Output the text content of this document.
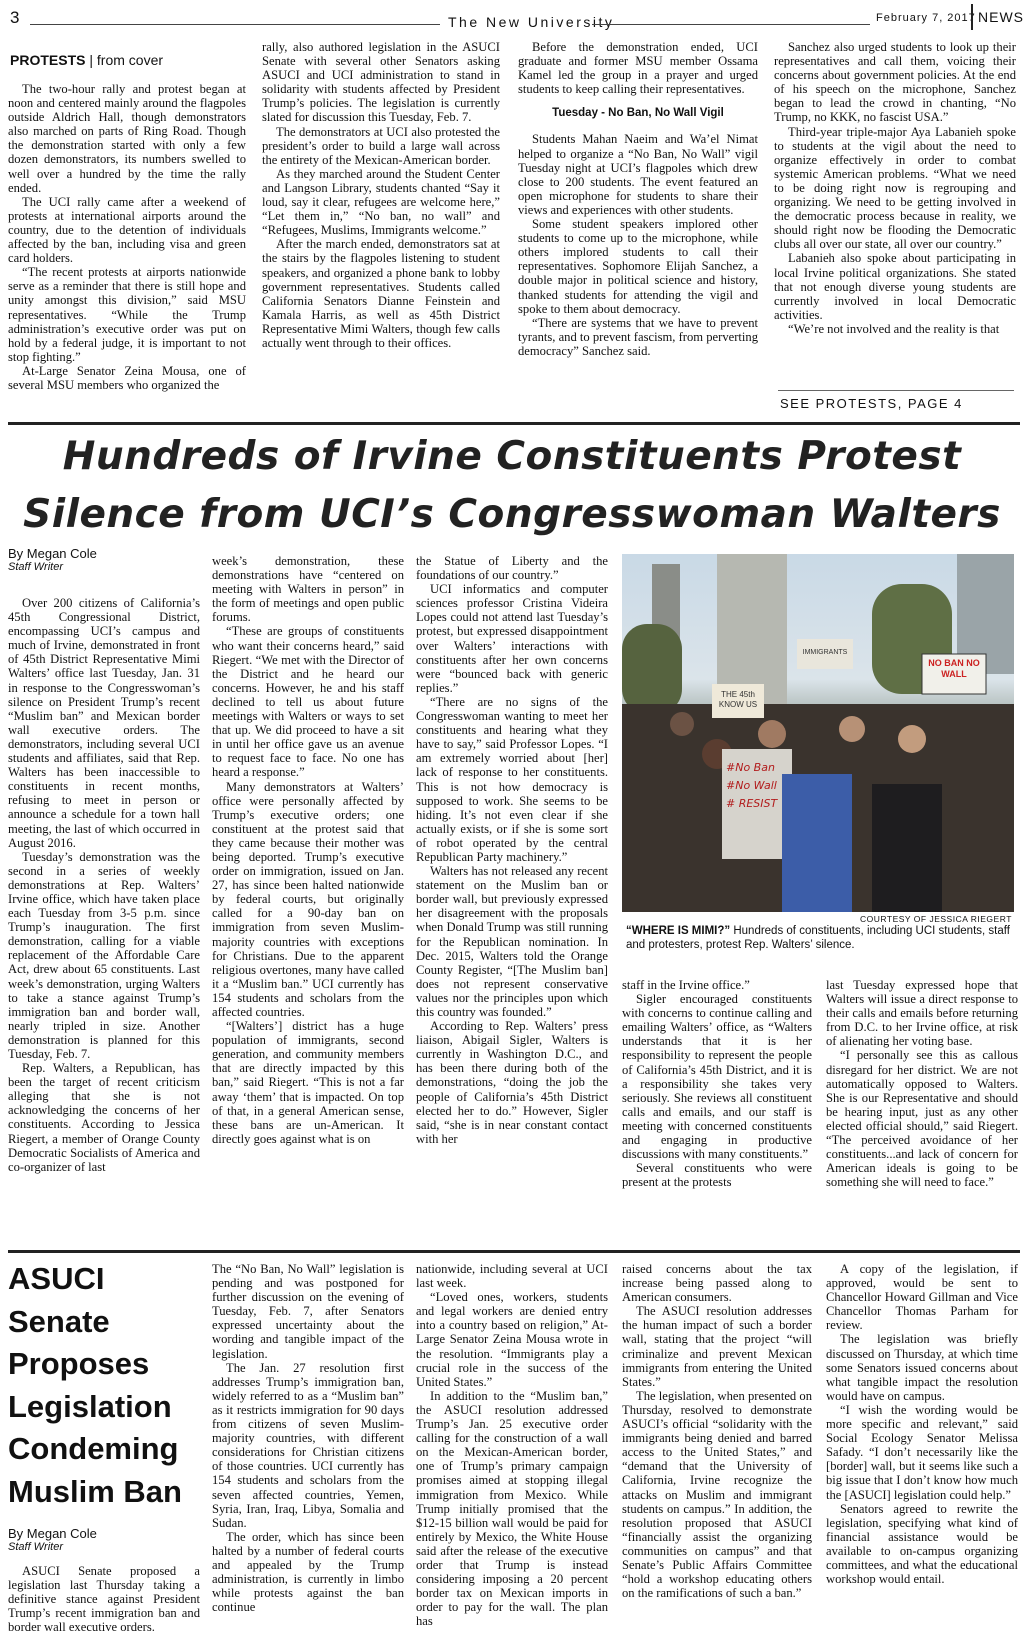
3	The New University	February 7, 2017 NEWS
PROTESTS | from cover

The two-hour rally and protest began at noon and centered mainly around the flagpoles outside Aldrich Hall, though demonstrators also marched on parts of Ring Road. Though the demonstration started with only a few dozen demonstrators, its numbers swelled to well over a hundred by the time the rally ended.

The UCI rally came after a weekend of protests at international airports around the country, due to the detention of individuals affected by the ban, including visa and green card holders.

“The recent protests at airports nationwide serve as a reminder that there is still hope and unity amongst this division,” said MSU representatives. “While the Trump administration’s executive order was put on hold by a federal judge, it is important to not stop fighting.”

At-Large Senator Zeina Mousa, one of several MSU members who organized the

rally, also authored legislation in the ASUCI Senate with several other Senators asking ASUCI and UCI administration to stand in solidarity with students affected by President Trump’s policies. The legislation is currently slated for discussion this Tuesday, Feb. 7.

The demonstrators at UCI also protested the president’s order to build a large wall across the entirety of the Mexican-American border.

As they marched around the Student Center and Langson Library, students chanted “Say it loud, say it clear, refugees are welcome here,” “Let them in,” “No ban, no wall” and “Refugees, Muslims, Immigrants welcome.”

After the march ended, demonstrators sat at the stairs by the flagpoles listening to student speakers, and organized a phone bank to lobby government representatives. Students called California Senators Dianne Feinstein and Kamala Harris, as well as 45th District Representative Mimi Walters, though few calls actually went through to their offices.

Before the demonstration ended, UCI graduate and former MSU member Ossama Kamel led the group in a prayer and urged students to keep calling their representatives.

Tuesday - No Ban, No Wall Vigil

Students Mahan Naeim and Wa’el Nimat helped to organize a “No Ban, No Wall” vigil Tuesday night at UCI’s flagpoles which drew close to 200 students. The event featured an open microphone for students to share their views and experiences with other students.

Some student speakers implored other students to come up to the microphone, while others implored students to call their representatives. Sophomore Elijah Sanchez, a double major in political science and history, thanked students for attending the vigil and spoke to them about democracy.

“There are systems that we have to prevent tyrants, and to prevent fascism, from perverting democracy” Sanchez said.

Sanchez also urged students to look up their representatives and call them, voicing their concerns about government policies. At the end of his speech on the microphone, Sanchez began to lead the crowd in chanting, “No Trump, no KKK, no fascist USA.”

Third-year triple-major Aya Labanieh spoke to students at the vigil about the need to organize effectively in order to combat systemic American problems. “What we need to be doing right now is regrouping and organizing. We need to be getting involved in the democratic process because in reality, we should right now be flooding the Democratic clubs all over our state, all over our country.”

Labanieh also spoke about participating in local Irvine political organizations. She stated that not enough diverse young students are currently involved in local Democratic activities.

“We’re not involved and the reality is that

SEE PROTESTS, PAGE 4
Hundreds of Irvine Constituents Protest
Silence from UCI’s Congresswoman Walters
By Megan Cole
Staff Writer

Over 200 citizens of California’s 45th Congressional District, encompassing UCI’s campus and much of Irvine, demonstrated in front of 45th District Representative Mimi Walters’ office last Tuesday, Jan. 31 in response to the Congresswoman’s silence on President Trump’s recent “Muslim ban” and Mexican border wall executive orders. The demonstrators, including several UCI students and affiliates, said that Rep. Walters has been inaccessible to constituents in recent months, refusing to meet in person or announce a schedule for a town hall meeting, the last of which occurred in August 2016.

Tuesday’s demonstration was the second in a series of weekly demonstrations at Rep. Walters’ Irvine office, which have taken place each Tuesday from 3-5 p.m. since Trump’s inauguration. The first demonstration, calling for a viable replacement of the Affordable Care Act, drew about 65 constituents. Last week’s demonstration, urging Walters to take a stance against Trump’s immigration ban and border wall, nearly tripled in size. Another demonstration is planned for this Tuesday, Feb. 7.

Rep. Walters, a Republican, has been the target of recent criticism alleging that she is not acknowledging the concerns of her constituents. According to Jessica Riegert, a member of Orange County Democratic Socialists of America and co-organizer of last

week’s demonstration, these demonstrations have “centered on meeting with Walters in person” in the form of meetings and open public forums.

“These are groups of constituents who want their concerns heard,” said Riegert. “We met with the Director of the District and he heard our concerns. However, he and his staff declined to tell us about future meetings with Walters or ways to set that up. We did proceed to have a sit in until her office gave us an avenue to request face to face. No one has heard a response.”

Many demonstrators at Walters’ office were personally affected by Trump’s executive orders; one constituent at the protest said that they came because their mother was being deported. Trump’s executive order on immigration, issued on Jan. 27, has since been halted nationwide by federal courts, but originally called for a 90-day ban on immigration from seven Muslim-majority countries with exceptions for Christians. Due to the apparent religious overtones, many have called it a “Muslim ban.” UCI currently has 154 students and scholars from the affected countries.

“[Walters’] district has a huge population of immigrants, second generation, and community members that are directly impacted by this ban,” said Riegert. “This is not a far away ‘them’ that is impacted. On top of that, in a general American sense, these bans are un-American. It directly goes against what is on

the Statue of Liberty and the foundations of our country.”

UCI informatics and computer sciences professor Cristina Videira Lopes could not attend last Tuesday’s protest, but expressed disappointment over Walters’ interactions with constituents after her own concerns were “bounced back with generic replies.”

“There are no signs of the Congresswoman wanting to meet her constituents and hearing what they have to say,” said Professor Lopes. “I am extremely worried about [her] lack of response to her constituents. This is not how democracy is supposed to work. She seems to be hiding. It’s not even clear if she actually exists, or if she is some sort of robot operated by the central Republican Party machinery.”

Walters has not released any recent statement on the Muslim ban or border wall, but previously expressed her disagreement with the proposals when Donald Trump was still running for the Republican nomination. In Dec. 2015, Walters told the Orange County Register, “[The Muslim ban] does not represent conservative values nor the principles upon which this country was founded.”

According to Rep. Walters’ press liaison, Abigail Sigler, Walters is currently in Washington D.C., and has been there during both of the demonstrations, “doing the job the people of California’s 45th District elected her to do.” However, Sigler said, “she is in near constant contact with her

NO BAN NO WALL
THE 45th KNOW US
IMMIGRANTS
#No Ban
#No Wall
# RESIST
COURTESY OF JESSICA RIEGERT
“WHERE IS MIMI?” Hundreds of constituents, including UCI students, staff and protesters, protest Rep. Walters’ silence.

staff in the Irvine office.”

Sigler encouraged constituents with concerns to continue calling and emailing Walters’ office, as “Walters understands that it is her responsibility to represent the people of California’s 45th District, and it is a responsibility she takes very seriously. She reviews all constituent calls and emails, and our staff is meeting with concerned constituents and engaging in productive discussions with many constituents.”

Several constituents who were present at the protests

last Tuesday expressed hope that Walters will issue a direct response to their calls and emails before returning from D.C. to her Irvine office, at risk of alienating her voting base.

“I personally see this as callous disregard for her district. We are not automatically opposed to Walters. She is our Representative and should be hearing input, just as any other elected official should,” said Riegert. “The perceived avoidance of her constituents...and lack of concern for American ideals is going to be something she will need to face.”

ASUCI
Senate
Proposes
Legislation
Condeming
Muslim Ban
By Megan Cole
Staff Writer

ASUCI Senate proposed a legislation last Thursday taking a definitive stance against President Trump’s recent immigration ban and border wall executive orders.

The “No Ban, No Wall” legislation is pending and was postponed for further discussion on the evening of Tuesday, Feb. 7, after Senators expressed uncertainty about the wording and tangible impact of the legislation.

The Jan. 27 resolution first addresses Trump’s immigration ban, widely referred to as a “Muslim ban” as it restricts immigration for 90 days from citizens of seven Muslim-majority countries, with different considerations for Christian citizens of those countries. UCI currently has 154 students and scholars from the seven affected countries, Yemen, Syria, Iran, Iraq, Libya, Somalia and Sudan.

The order, which has since been halted by a number of federal courts and appealed by the Trump administration, is currently in limbo while protests against the ban continue

nationwide, including several at UCI last week.

“Loved ones, workers, students and legal workers are denied entry into a country based on religion,” At-Large Senator Zeina Mousa wrote in the resolution. “Immigrants play a crucial role in the success of the United States.”

In addition to the “Muslim ban,” the ASUCI resolution addressed Trump’s Jan. 25 executive order calling for the construction of a wall on the Mexican-American border, one of Trump’s primary campaign promises aimed at stopping illegal immigration from Mexico. While Trump initially promised that the $12-15 billion wall would be paid for entirely by Mexico, the White House said after the release of the executive order that Trump is instead considering imposing a 20 percent border tax on Mexican imports in order to pay for the wall. The plan has

raised concerns about the tax increase being passed along to American consumers.

The ASUCI resolution addresses the human impact of such a border wall, stating that the project “will criminalize and prevent Mexican immigrants from entering the United States.”

The legislation, when presented on Thursday, resolved to demonstrate ASUCI’s official “solidarity with the immigrants being denied and barred access to the United States,” and “demand that the University of California, Irvine recognize the attacks on Muslim and immigrant students on campus.” In addition, the resolution proposed that ASUCI “financially assist the organizing communities on campus” and that Senate’s Public Affairs Committee “hold a workshop educating others on the ramifications of such a ban.”

A copy of the legislation, if approved, would be sent to Chancellor Howard Gillman and Vice Chancellor Thomas Parham for review.

The legislation was briefly discussed on Thursday, at which time some Senators issued concerns about what tangible impact the resolution would have on campus.

“I wish the wording would be more specific and relevant,” said Social Ecology Senator Melissa Safady. “I don’t necessarily like the [border] wall, but it seems like such a big issue that I don’t know how much the [ASUCI] legislation could help.”

Senators agreed to rewrite the legislation, specifying what kind of financial assistance would be available to on-campus organizing committees, and what the educational workshop would entail.
